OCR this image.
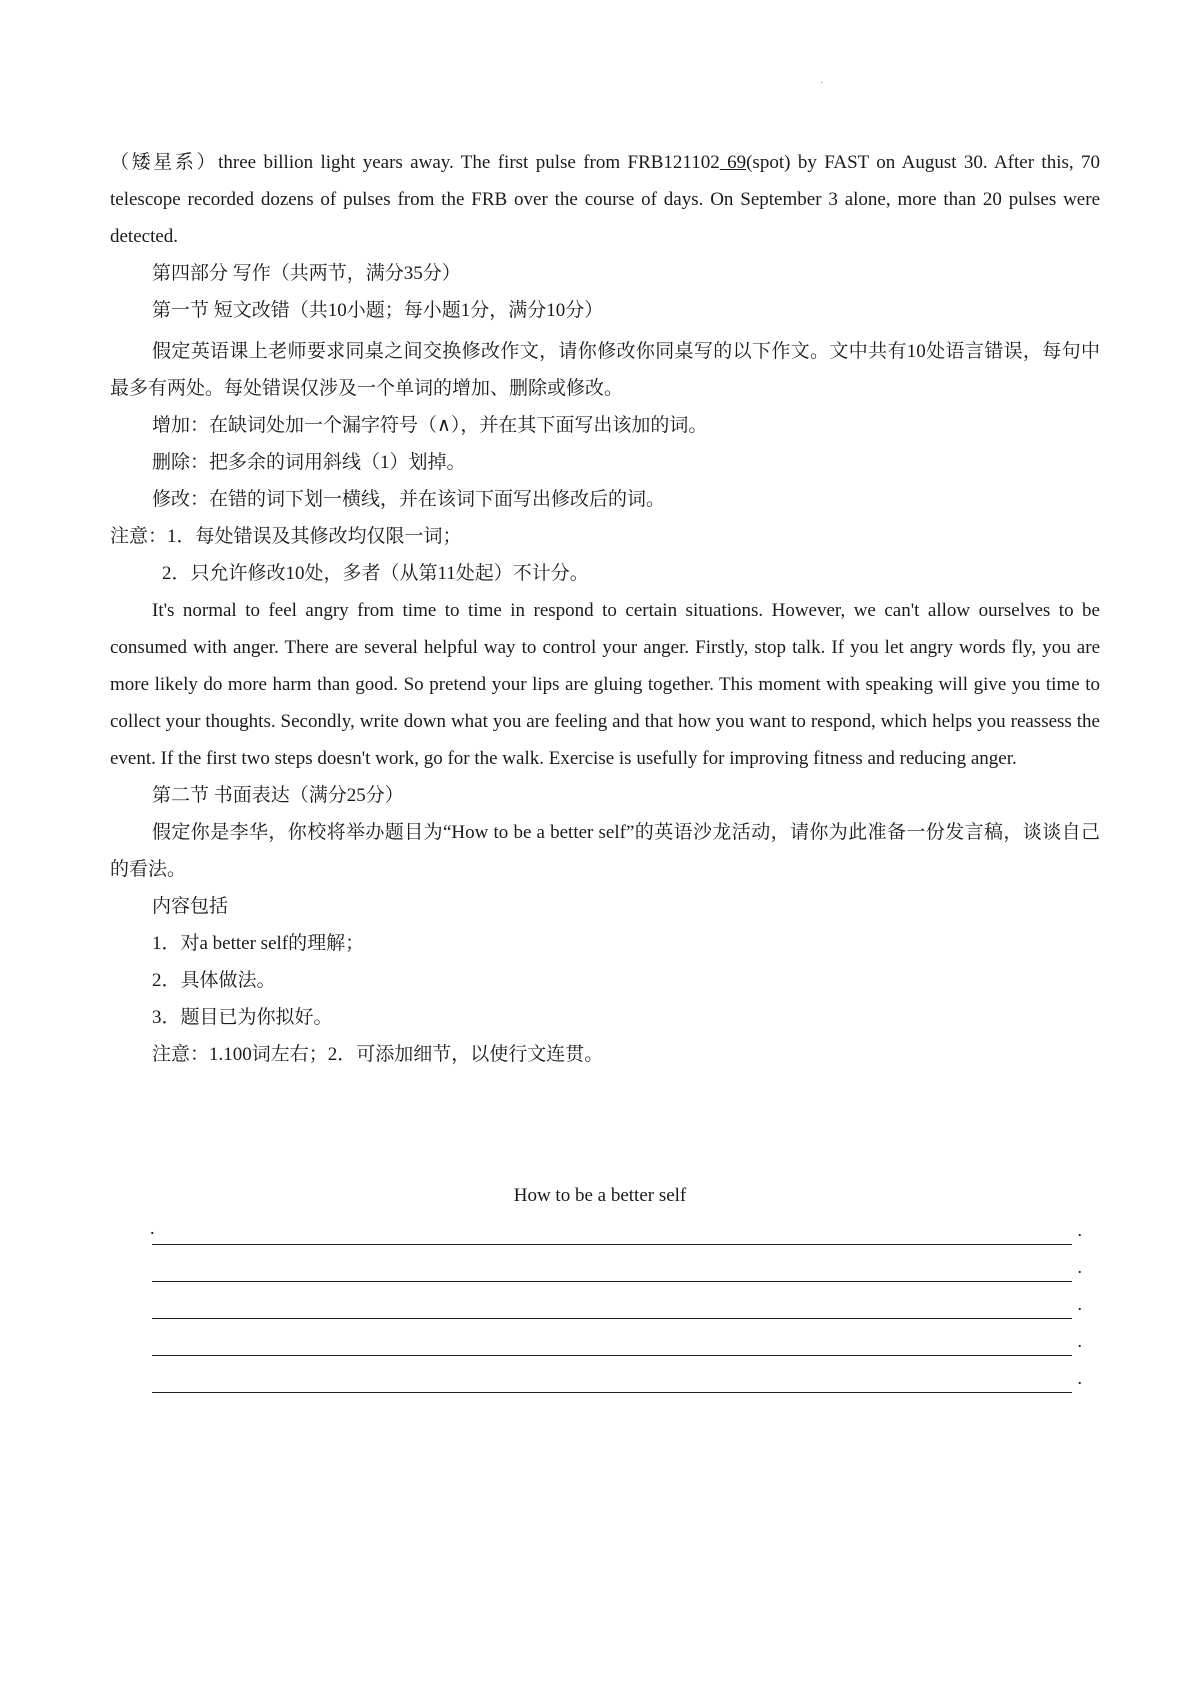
·

（矮星系）three billion light years away. The first pulse from FRB121102 69(spot) by FAST on August 30. After this, 70 telescope recorded dozens of pulses from the FRB over the course of days. On September 3 alone, more than 20 pulses were detected.

第四部分 写作（共两节，满分35分）

第一节 短文改错（共10小题；每小题1分，满分10分）

假定英语课上老师要求同桌之间交换修改作文，请你修改你同桌写的以下作文。文中共有10处语言错误，每句中最多有两处。每处错误仅涉及一个单词的增加、删除或修改。

增加：在缺词处加一个漏字符号（∧），并在其下面写出该加的词。

删除：把多余的词用斜线（1）划掉。

修改：在错的词下划一横线，并在该词下面写出修改后的词。

注意：1．每处错误及其修改均仅限一词；

2．只允许修改10处，多者（从第11处起）不计分。

It's normal to feel angry from time to time in respond to certain situations. However, we can't allow ourselves to be consumed with anger. There are several helpful way to control your anger. Firstly, stop talk. If you let angry words fly, you are more likely do more harm than good. So pretend your lips are gluing together. This moment with speaking will give you time to collect your thoughts. Secondly, write down what you are feeling and that how you want to respond, which helps you reassess the event. If the first two steps doesn't work, go for the walk. Exercise is usefully for improving fitness and reducing anger.

第二节 书面表达（满分25分）

假定你是李华，你校将举办题目为“How to be a better self”的英语沙龙活动，请你为此准备一份发言稿，谈谈自己的看法。

内容包括

1．对a better self的理解；

2．具体做法。

3．题目已为你拟好。

注意：1.100词左右；2．可添加细节，以使行文连贯。

How to be a better self
.	.
.
.
.
.
